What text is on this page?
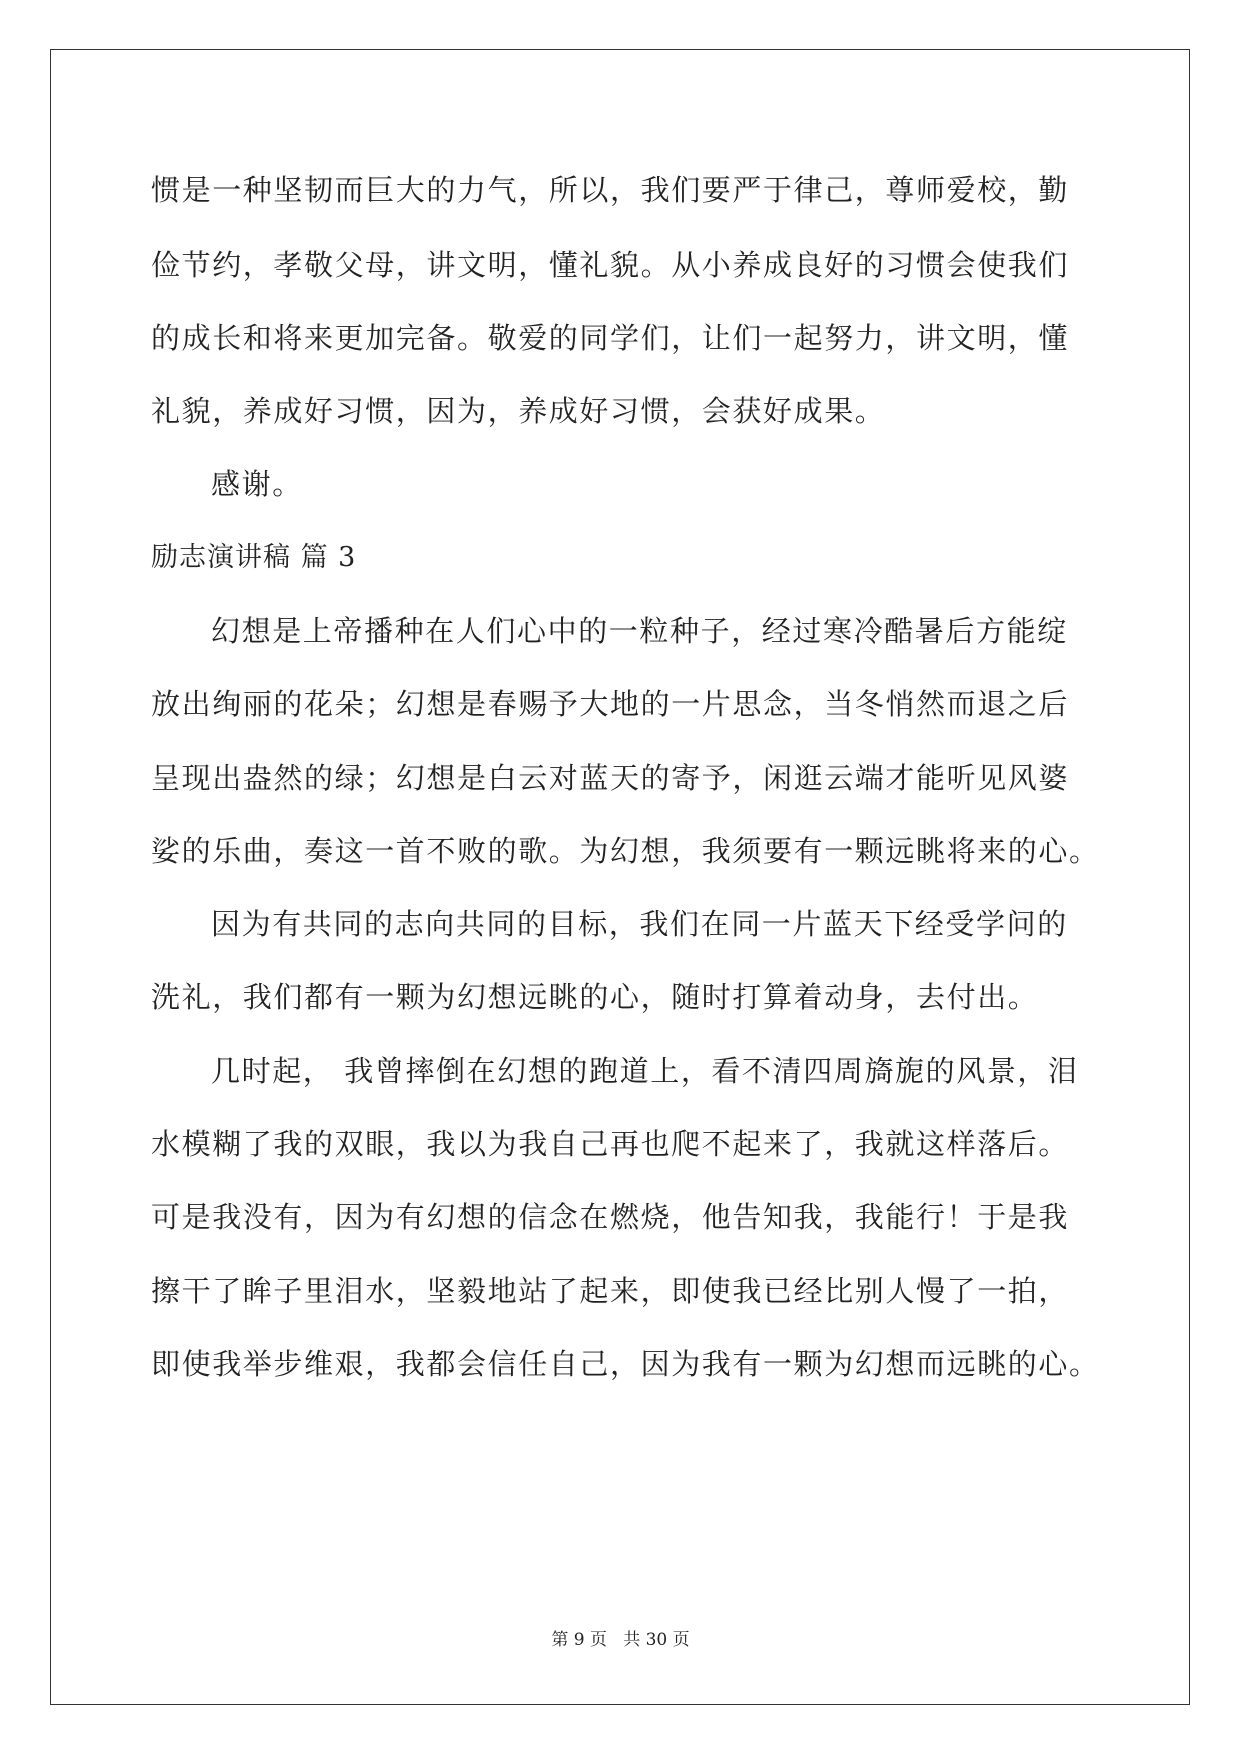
惯是一种坚韧而巨大的力气，所以，我们要严于律己，尊师爱校，勤
俭节约，孝敬父母，讲文明，懂礼貌。从小养成良好的习惯会使我们
的成长和将来更加完备。敬爱的同学们，让们一起努力，讲文明，懂
礼貌，养成好习惯，因为，养成好习惯，会获好成果。
感谢。
励志演讲稿 篇 3
幻想是上帝播种在人们心中的一粒种子，经过寒冷酷暑后方能绽
放出绚丽的花朵；幻想是春赐予大地的一片思念，当冬悄然而退之后
呈现出盎然的绿；幻想是白云对蓝天的寄予，闲逛云端才能听见风婆
娑的乐曲，奏这一首不败的歌。为幻想，我须要有一颗远眺将来的心。
因为有共同的志向共同的目标，我们在同一片蓝天下经受学问的
洗礼，我们都有一颗为幻想远眺的心，随时打算着动身，去付出。
几时起， 我曾摔倒在幻想的跑道上，看不清四周旖旎的风景，泪
水模糊了我的双眼，我以为我自己再也爬不起来了，我就这样落后。
可是我没有，因为有幻想的信念在燃烧，他告知我，我能行！于是我
擦干了眸子里泪水，坚毅地站了起来，即使我已经比别人慢了一拍，
即使我举步维艰，我都会信任自己，因为我有一颗为幻想而远眺的心。
第 9 页   共 30 页
